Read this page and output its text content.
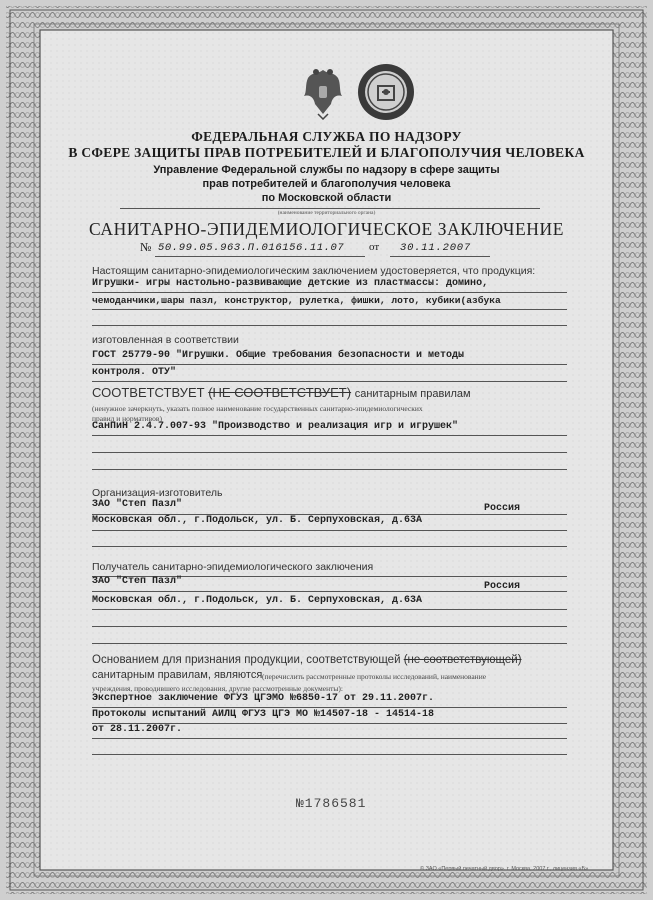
ФЕДЕРАЛЬНАЯ СЛУЖБА ПО НАДЗОРУ
В СФЕРЕ ЗАЩИТЫ ПРАВ ПОТРЕБИТЕЛЕЙ И БЛАГОПОЛУЧИЯ ЧЕЛОВЕКА
Управление Федеральной службы по надзору в сфере защиты
прав потребителей и благополучия человека
по Московской области
(наименование территориального органа)
САНИТАРНО-ЭПИДЕМИОЛОГИЧЕСКОЕ ЗАКЛЮЧЕНИЕ
№ 50.99.05.963.П.016156.11.07 от 30.11.2007
Настоящим санитарно-эпидемиологическим заключением удостоверяется, что продукция:
Игрушки- игры настольно-развивающие детские из пластмассы: домино,
чемоданчики,шары пазл, конструктор, рулетка, фишки, лото, кубики(азбука
изготовленная в соответствии
ГОСТ 25779-90 "Игрушки. Общие требования безопасности и методы
контроля. ОТУ"
СООТВЕТСТВУЕТ (НЕ СООТВЕТСТВУЕТ) санитарным правилам
(ненужное зачеркнуть, указать полное наименование государственных санитарно-эпидемиологических
правил и нормативов)
СанПиН 2.4.7.007-93 "Производство и реализация игр и игрушек"
Организация-изготовитель
ЗАО "Степ Пазл"	Россия
Московская обл., г.Подольск, ул. Б. Серпуховская, д.63А
Получатель санитарно-эпидемиологического заключения
ЗАО "Степ Пазл"	Россия
Московская обл., г.Подольск, ул. Б. Серпуховская, д.63А
Основанием для признания продукции, соответствующей (не соответствующей)
санитарным правилам, являются (перечислить рассмотренные протоколы исследований, наименование
учреждения, проводившего исследования, другие рассмотренные документы):
Экспертное заключение ФГУЗ ЦГЭМО №6850-17 от 29.11.2007г.
Протоколы испытаний АИЛЦ ФГУЗ ЦГЭ МО №14507-18 - 14514-18
от 28.11.2007г.
№1786581
© ЗАО «Первый печатный двор». г. Москва, 2007 г., лицензия «Б»
